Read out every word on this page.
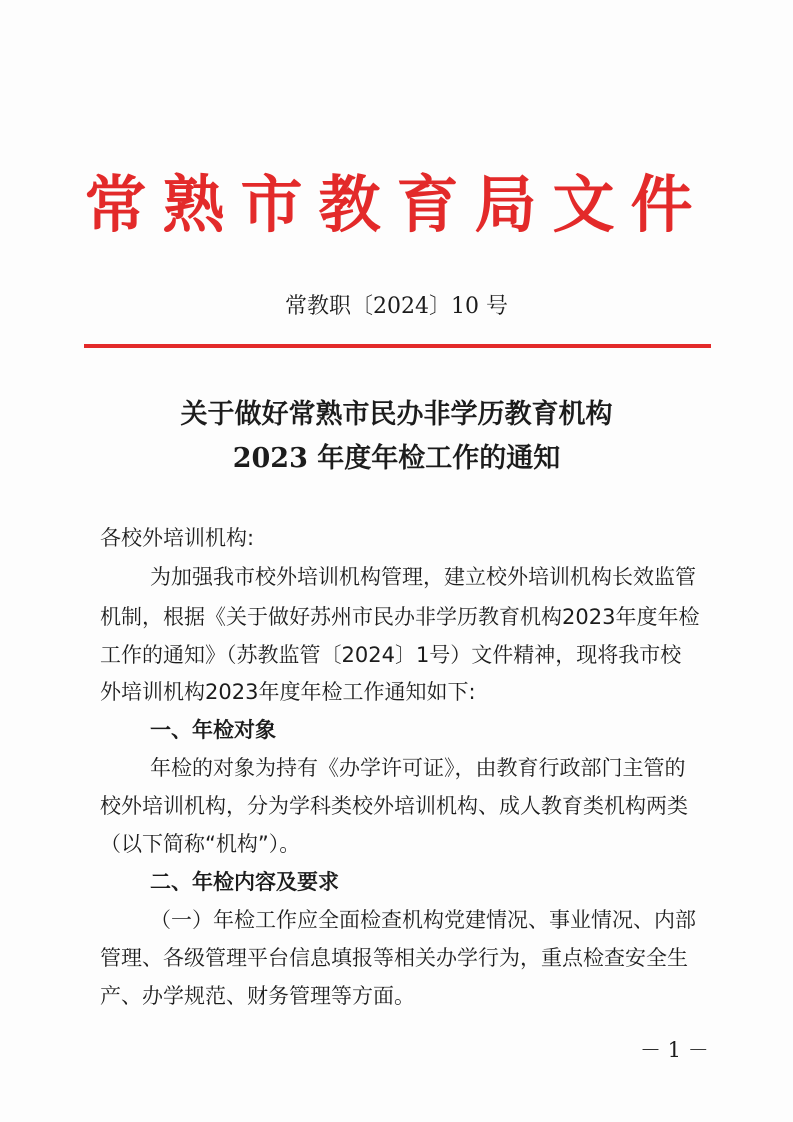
常熟市教育局文件
常教职〔2024〕10 号
关于做好常熟市民办非学历教育机构
2023 年度年检工作的通知
各校外培训机构:
为加强我市校外培训机构管理，建立校外培训机构长效监管
机制，根据《关于做好苏州市民办非学历教育机构2023年度年检
工作的通知》（苏教监管〔2024〕1号）文件精神，现将我市校
外培训机构2023年度年检工作通知如下:
一、年检对象
年检的对象为持有《办学许可证》，由教育行政部门主管的
校外培训机构，分为学科类校外培训机构、成人教育类机构两类
（以下简称“机构”）。
二、年检内容及要求
（一）年检工作应全面检查机构党建情况、事业情况、内部
管理、各级管理平台信息填报等相关办学行为，重点检查安全生
产、办学规范、财务管理等方面。
－ 1 －
